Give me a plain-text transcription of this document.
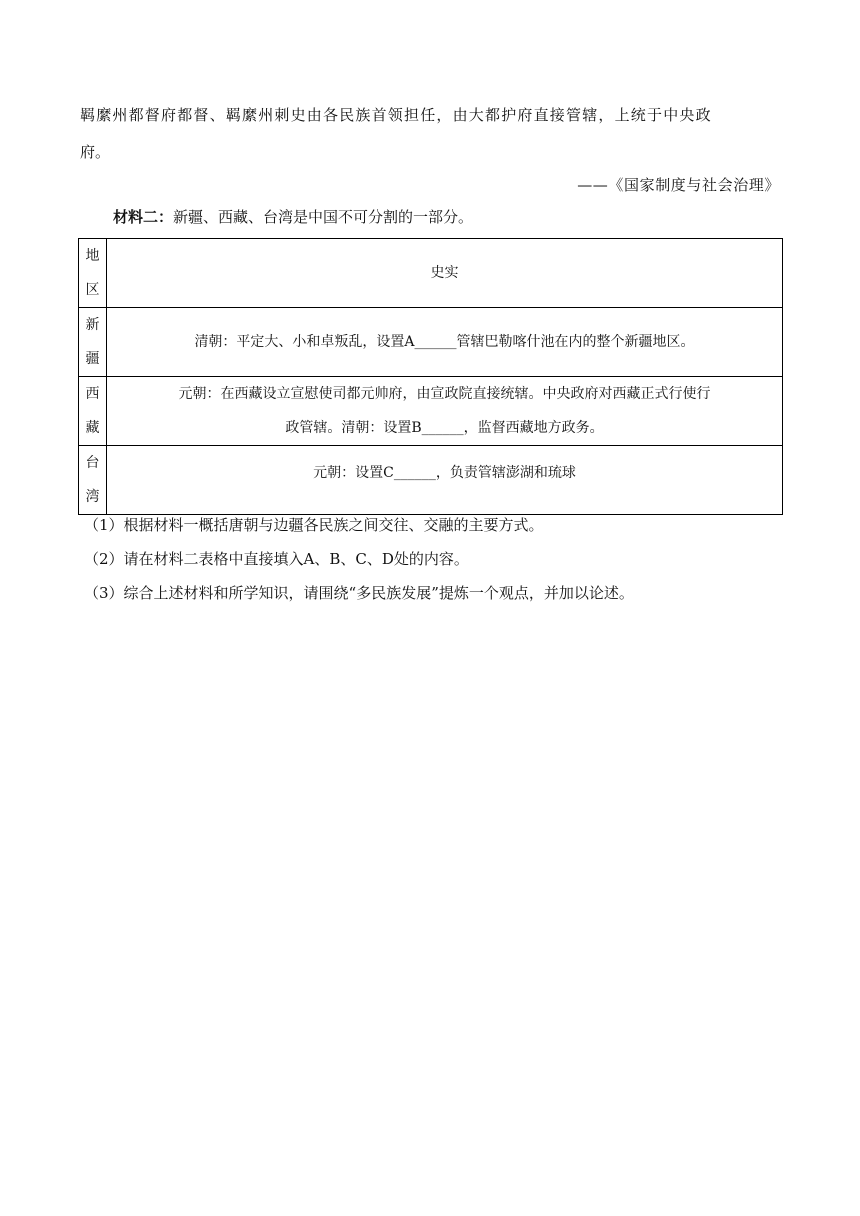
羁縻州都督府都督、羁縻州刺史由各民族首领担任，由大都护府直接管辖，上统于中央政
府。
——《国家制度与社会治理》
材料二：新疆、西藏、台湾是中国不可分割的一部分。
地区	史实
新疆	清朝：平定大、小和卓叛乱，设置A______管辖巴勒喀什池在内的整个新疆地区。
西藏	元朝：在西藏设立宣慰使司都元帅府，由宣政院直接统辖。中央政府对西藏正式行使行
政管辖。清朝：设置B______，监督西藏地方政务。

台湾	元朝：设置C______，负责管辖澎湖和琉球
（1）根据材料一概括唐朝与边疆各民族之间交往、交融的主要方式。
（2）请在材料二表格中直接填入A、B、C、D处的内容。
（3）综合上述材料和所学知识，请围绕“多民族发展”提炼一个观点，并加以论述。
